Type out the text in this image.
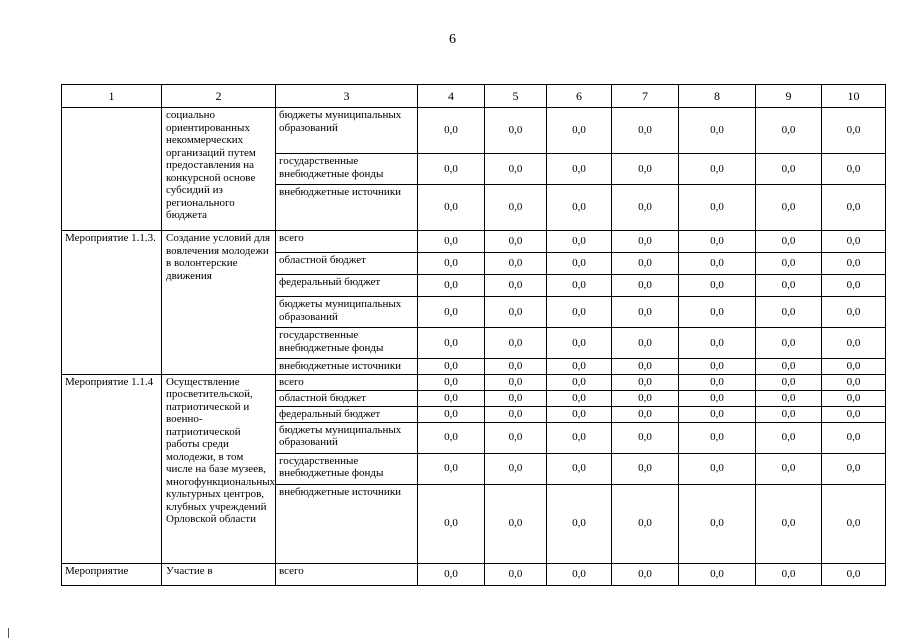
6
1	2	3	4	5	6	7	8	9	10
	социально ориентированных некоммерческих организаций путем предоставления на конкурсной основе субсидий из регионального бюджета	бюджеты муниципальных образований	0,0	0,0	0,0	0,0	0,0	0,0	0,0
		государственные внебюджетные фонды	0,0	0,0	0,0	0,0	0,0	0,0	0,0
		внебюджетные источники	0,0	0,0	0,0	0,0	0,0	0,0	0,0
Мероприятие 1.1.3.	Создание условий для вовлечения молодежи в волонтерские движения	всего	0,0	0,0	0,0	0,0	0,0	0,0	0,0
		областной бюджет	0,0	0,0	0,0	0,0	0,0	0,0	0,0
		федеральный бюджет	0,0	0,0	0,0	0,0	0,0	0,0	0,0
		бюджеты муниципальных образований	0,0	0,0	0,0	0,0	0,0	0,0	0,0
		государственные внебюджетные фонды	0,0	0,0	0,0	0,0	0,0	0,0	0,0
		внебюджетные источники	0,0	0,0	0,0	0,0	0,0	0,0	0,0
Мероприятие 1.1.4	Осуществление просветительской, патриотической и военно-патриотической работы среди молодежи, в том числе на базе музеев, многофункциональных культурных центров, клубных учреждений Орловской области	всего	0,0	0,0	0,0	0,0	0,0	0,0	0,0
		областной бюджет	0,0	0,0	0,0	0,0	0,0	0,0	0,0
		федеральный бюджет	0,0	0,0	0,0	0,0	0,0	0,0	0,0
		бюджеты муниципальных образований	0,0	0,0	0,0	0,0	0,0	0,0	0,0
		государственные внебюджетные фонды	0,0	0,0	0,0	0,0	0,0	0,0	0,0
		внебюджетные источники	0,0	0,0	0,0	0,0	0,0	0,0	0,0
Мероприятие	Участие в	всего	0,0	0,0	0,0	0,0	0,0	0,0	0,0
